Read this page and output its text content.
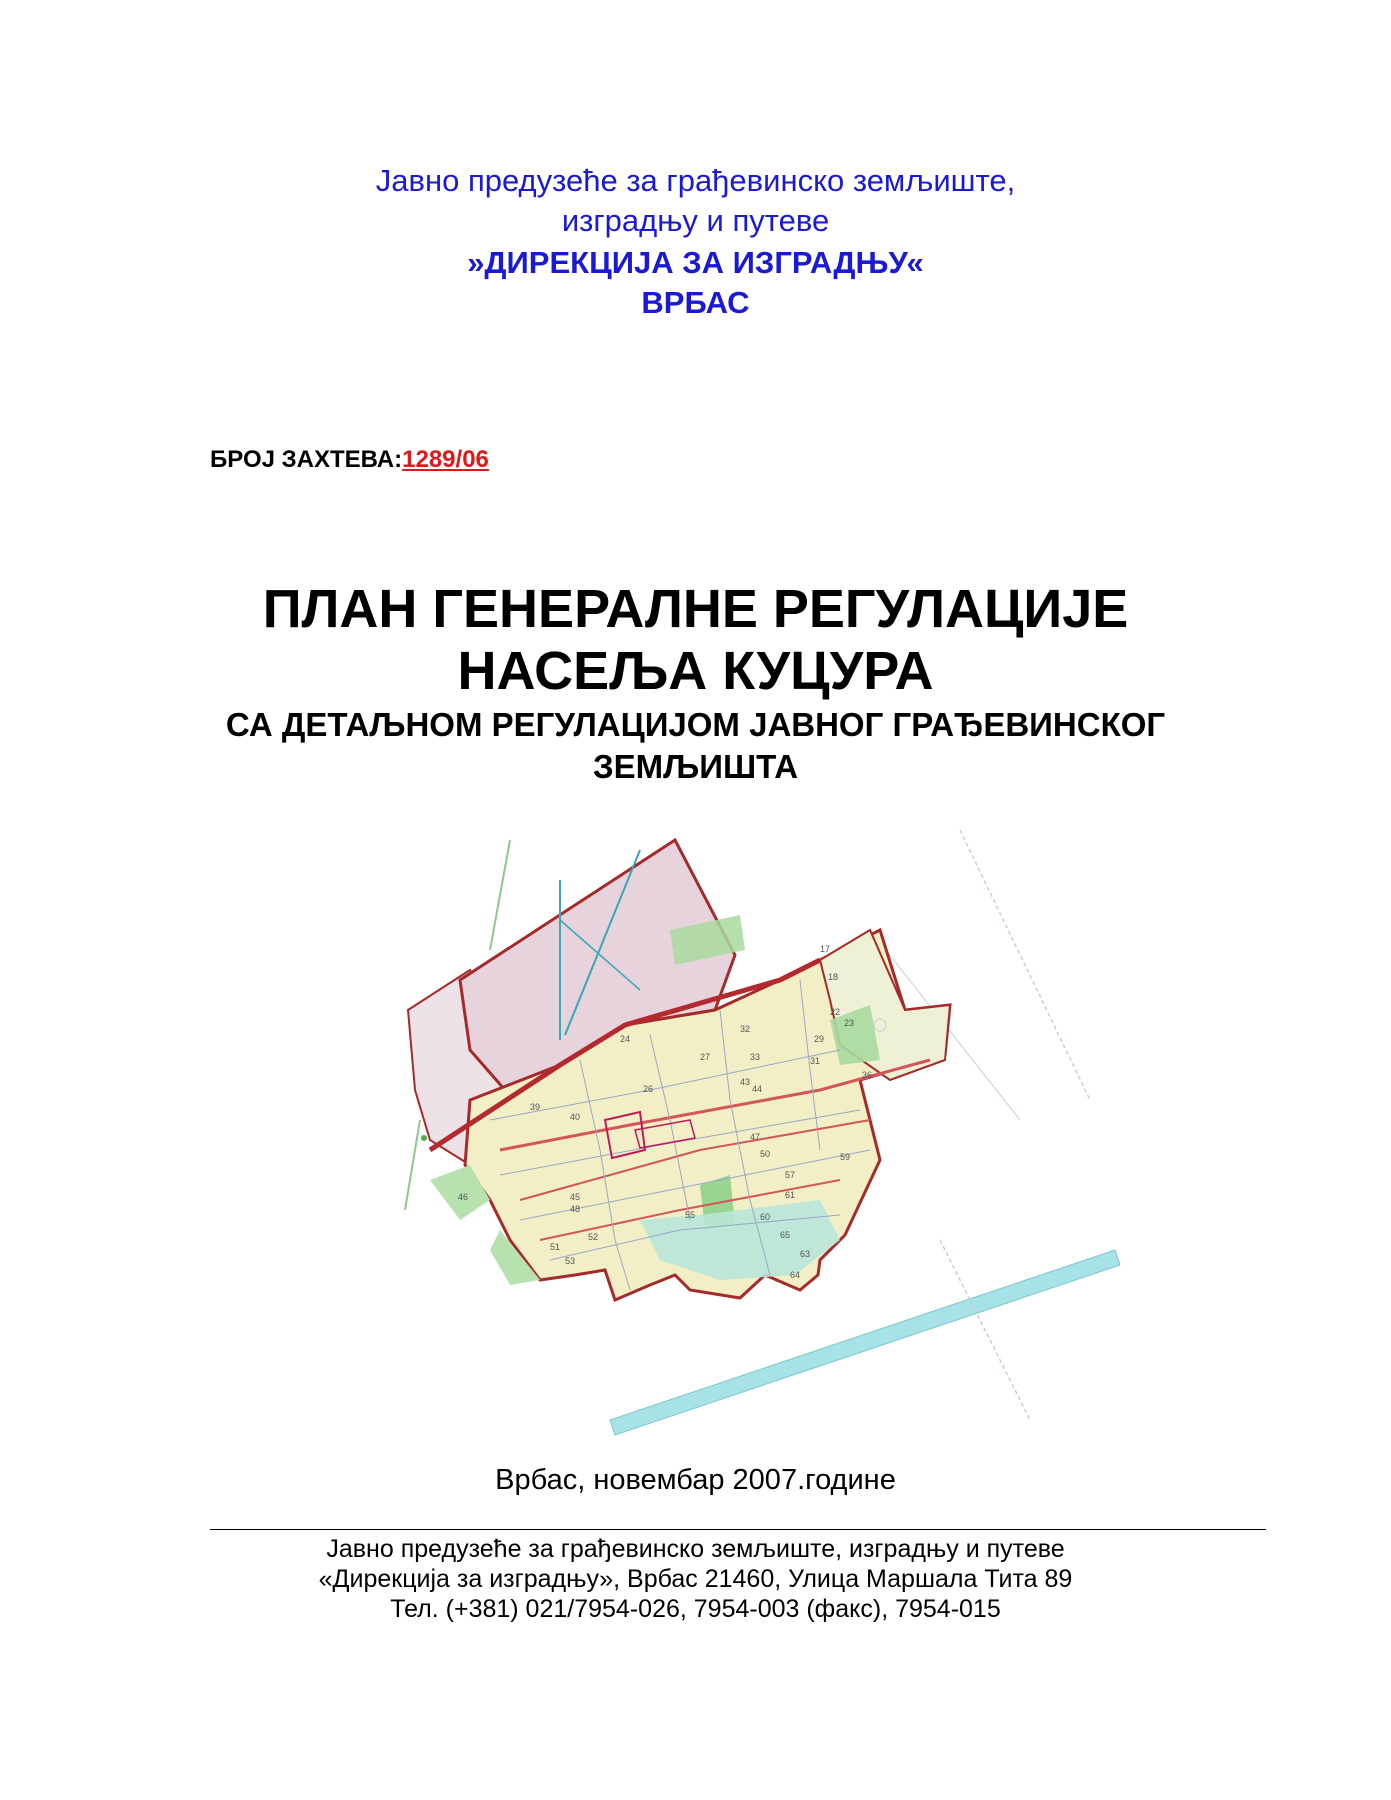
Јавно предузеће за грађевинско земљиште,
изградњу и путеве
»ДИРЕКЦИЈА ЗА ИЗГРАДЊУ«
ВРБАС
БРОЈ ЗАХТЕВА:1289/06
ПЛАН ГЕНЕРАЛНЕ РЕГУЛАЦИЈЕ
НАСЕЉА КУЦУРА
СА ДЕТАЉНОМ РЕГУЛАЦИЈОМ ЈАВНОГ ГРАЂЕВИНСКОГ
ЗЕМЉИШТА
17
18
22
23
24
26
27
29
31
32
33
36
39
40
43
44
45
46
47
48
50
51
52
53
55
57
59
60
61
63
64
65
Врбас, новембар 2007.године
Јавно предузеће за грађевинско земљиште, изградњу и путеве
«Дирекција за изградњу», Врбас 21460, Улица Маршала Тита 89
Тел. (+381) 021/7954-026, 7954-003 (факс), 7954-015
